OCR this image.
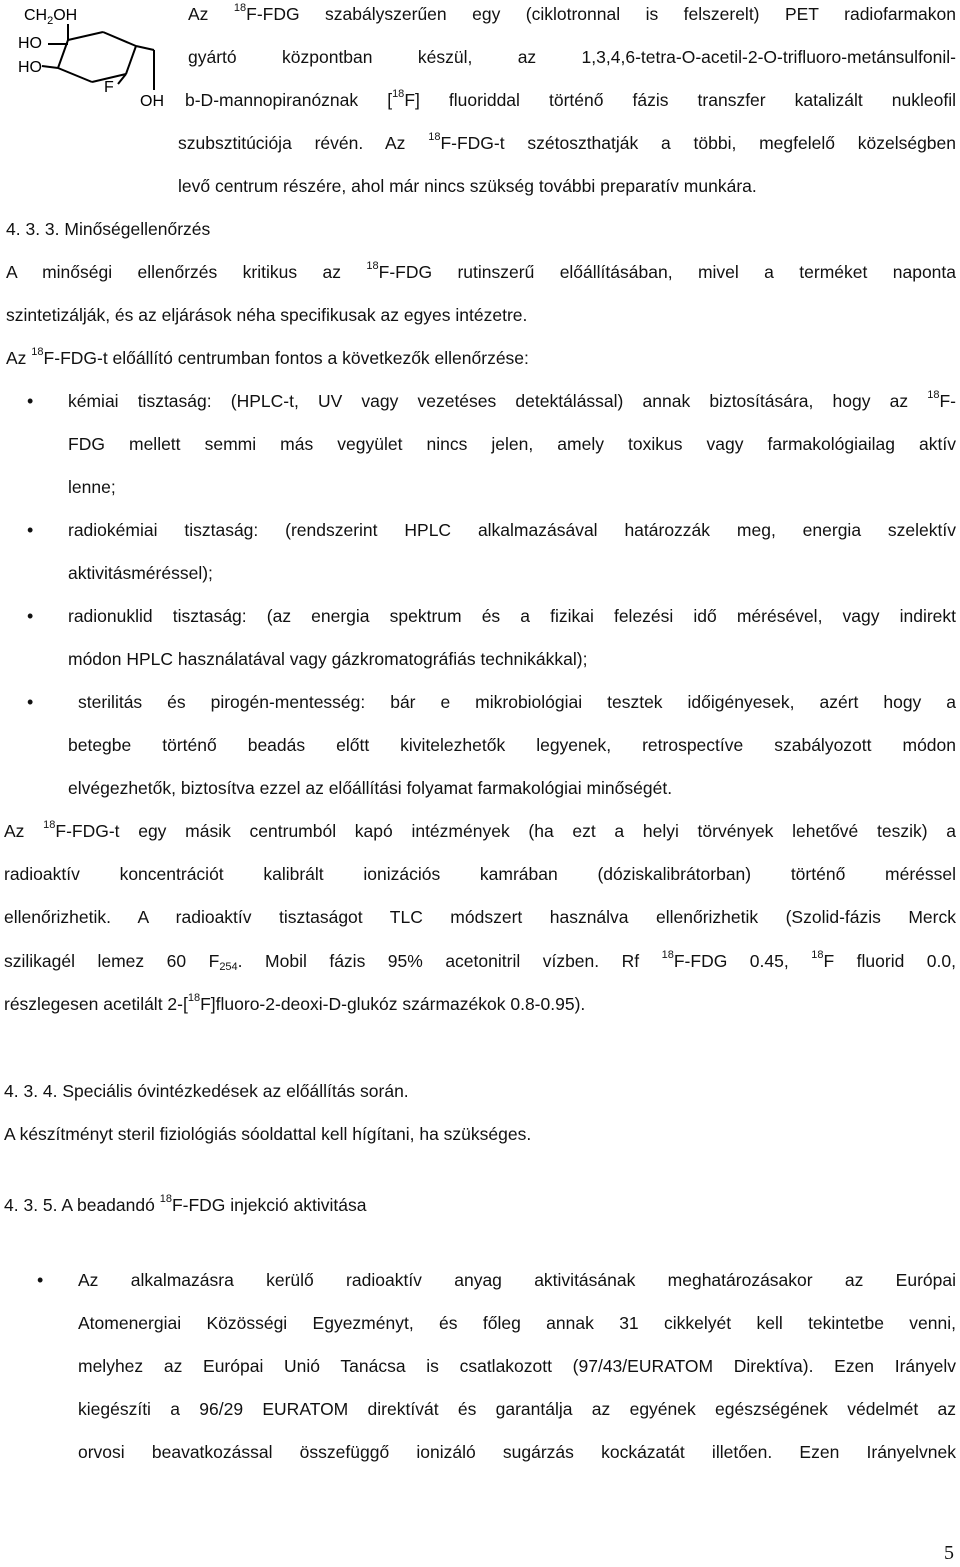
$CH_2OH$
HO
HO
F
OH
Az $^{18}$F-FDG szabályszerűen egy (ciklotronnal is felszerelt) PET radiofarmakon
gyártó központban készül, az 1,3,4,6-tetra-O-acetil-2-O-trifluoro-metánsulfonil-
b-D-mannopiranóznak [$^{18}$F] fluoriddal történő fázis transzfer katalizált nukleofil
szubsztitúciója révén. Az $^{18}$F-FDG-t szétoszthatják a többi, megfelelő közelségben
levő centrum részére, ahol már nincs szükség további preparatív munkára.
4. 3. 3. Minőségellenőrzés
A minőségi ellenőrzés kritikus az $^{18}$F-FDG rutinszerű előállításában, mivel a terméket naponta
szintetizálják, és az eljárások néha specifikusak az egyes intézetre.
Az $^{18}$F-FDG-t előállító centrumban fontos a következők ellenőrzése:
• kémiai tisztaság: (HPLC-t, UV vagy vezetéses detektálással) annak biztosítására, hogy az $^{18}$F-
FDG mellett semmi más vegyület nincs jelen, amely toxikus vagy farmakológiailag aktív
lenne;
• radiokémiai tisztaság: (rendszerint HPLC alkalmazásával határozzák meg, energia szelektív
aktivitásméréssel);
• radionuklid tisztaság: (az energia spektrum és a fizikai felezési idő mérésével, vagy indirekt
módon HPLC használatával vagy gázkromatográfiás technikákkal);
•	sterilitás és pirogén-mentesség: bár e mikrobiológiai tesztek időigényesek, azért hogy a
betegbe történő beadás előtt kivitelezhetők legyenek, retrospectíve szabályozott módon
elvégezhetők, biztosítva ezzel az előállítási folyamat farmakológiai minőségét.
Az $^{18}$F-FDG-t egy másik centrumból kapó intézmények (ha ezt a helyi törvények lehetővé teszik) a
radioaktív koncentrációt kalibrált ionizációs kamrában (dóziskalibrátorban) történő méréssel
ellenőrizhetik. A radioaktív tisztaságot TLC módszert használva ellenőrizhetik (Szolid-fázis Merck
szilikagél lemez 60 $F_{254}$. Mobil fázis 95% acetonitril vízben. Rf $^{18}$F-FDG 0.45, $^{18}$F fluorid 0.0,
részlegesen acetilált 2-[$^{18}$F]fluoro-2-deoxi-D-glukóz származékok 0.8-0.95).
4. 3. 4. Speciális óvintézkedések az előállítás során.
A készítményt steril fiziológiás sóoldattal kell hígítani, ha szükséges.
4. 3. 5. A beadandó $^{18}$F-FDG injekció aktivitása
• Az alkalmazásra kerülő radioaktív anyag aktivitásának meghatározásakor az Európai
Atomenergiai Közösségi Egyezményt, és főleg annak 31 cikkelyét kell tekintetbe venni,
melyhez az Európai Unió Tanácsa is csatlakozott (97/43/EURATOM Direktíva). Ezen Irányelv
kiegészíti a 96/29 EURATOM direktívát és garantálja az egyének egészségének védelmét az
orvosi beavatkozással összefüggő ionizáló sugárzás kockázatát illetően. Ezen Irányelvnek
5
